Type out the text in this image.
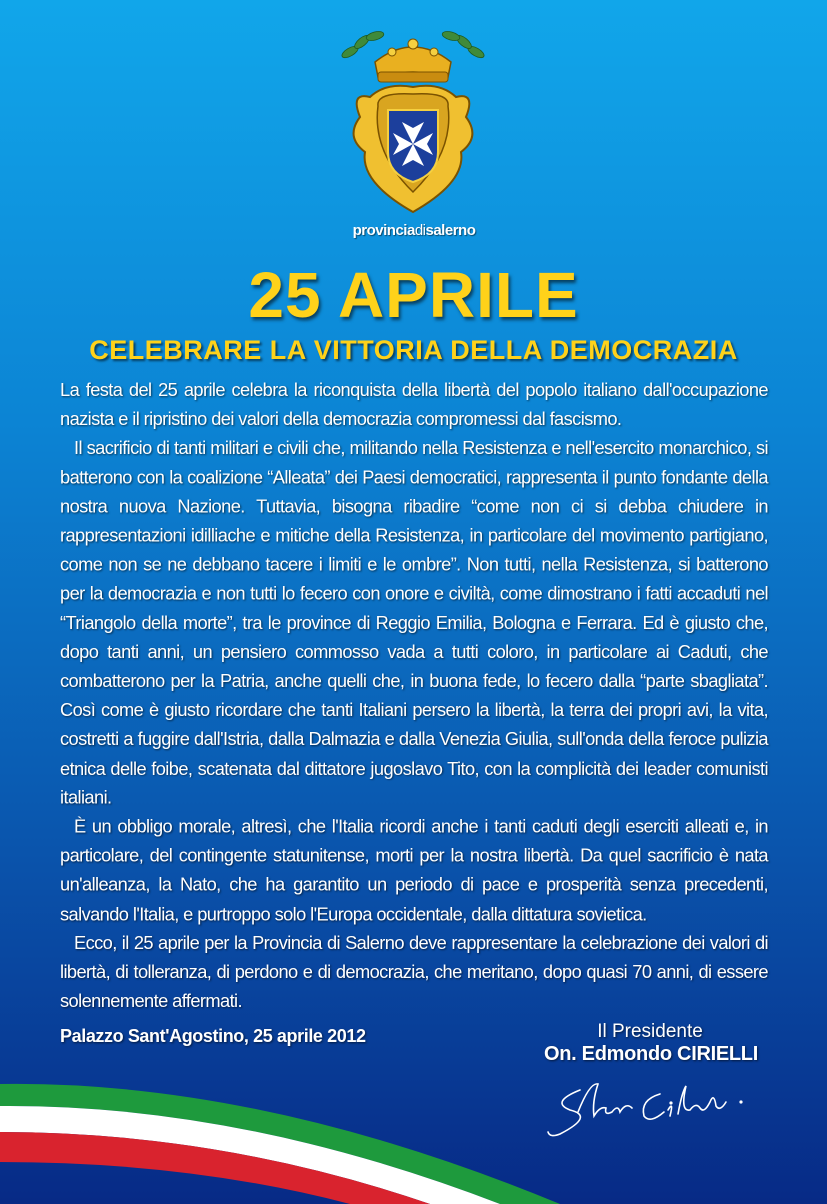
provinciadisalerno
25 APRILE
CELEBRARE LA VITTORIA DELLA DEMOCRAZIA

La festa del 25 aprile celebra la riconquista della libertà del popolo italiano dall'occupazione nazista e il ripristino dei valori della democrazia compromessi dal fascismo.

Il sacrificio di tanti militari e civili che, militando nella Resistenza e nell'esercito monarchico, si batterono con la coalizione “Alleata” dei Paesi democratici, rappresenta il punto fondante della nostra nuova Nazione. Tuttavia, bisogna ribadire “come non ci si debba chiudere in rappresentazioni idilliache e mitiche della Resistenza, in particolare del movimento partigiano, come non se ne debbano tacere i limiti e le ombre”. Non tutti, nella Resistenza, si batterono per la democrazia e non tutti lo fecero con onore e civiltà, come dimostrano i fatti accaduti nel “Triangolo della morte”, tra le province di Reggio Emilia, Bologna e Ferrara. Ed è giusto che, dopo tanti anni, un pensiero commosso vada a tutti coloro, in particolare ai Caduti, che combatterono per la Patria, anche quelli che, in buona fede, lo fecero dalla “parte sbagliata”. Così come è giusto ricordare che tanti Italiani persero la libertà, la terra dei propri avi, la vita, costretti a fuggire dall'Istria, dalla Dalmazia e dalla Venezia Giulia, sull'onda della feroce pulizia etnica delle foibe, scatenata dal dittatore jugoslavo Tito, con la complicità dei leader comunisti italiani.

È un obbligo morale, altresì, che l'Italia ricordi anche i tanti caduti degli eserciti alleati e, in particolare, del contingente statunitense, morti per la nostra libertà. Da quel sacrificio è nata un'alleanza, la Nato, che ha garantito un periodo di pace e prosperità senza precedenti, salvando l'Italia, e purtroppo solo l'Europa occidentale, dalla dittatura sovietica.

Ecco, il 25 aprile per la Provincia di Salerno deve rappresentare la celebrazione dei valori di libertà, di tolleranza, di perdono e di democrazia, che meritano, dopo quasi 70 anni, di essere solennemente affermati.

Palazzo Sant'Agostino, 25 aprile 2012	Il Presidente
On. Edmondo CIRIELLI
